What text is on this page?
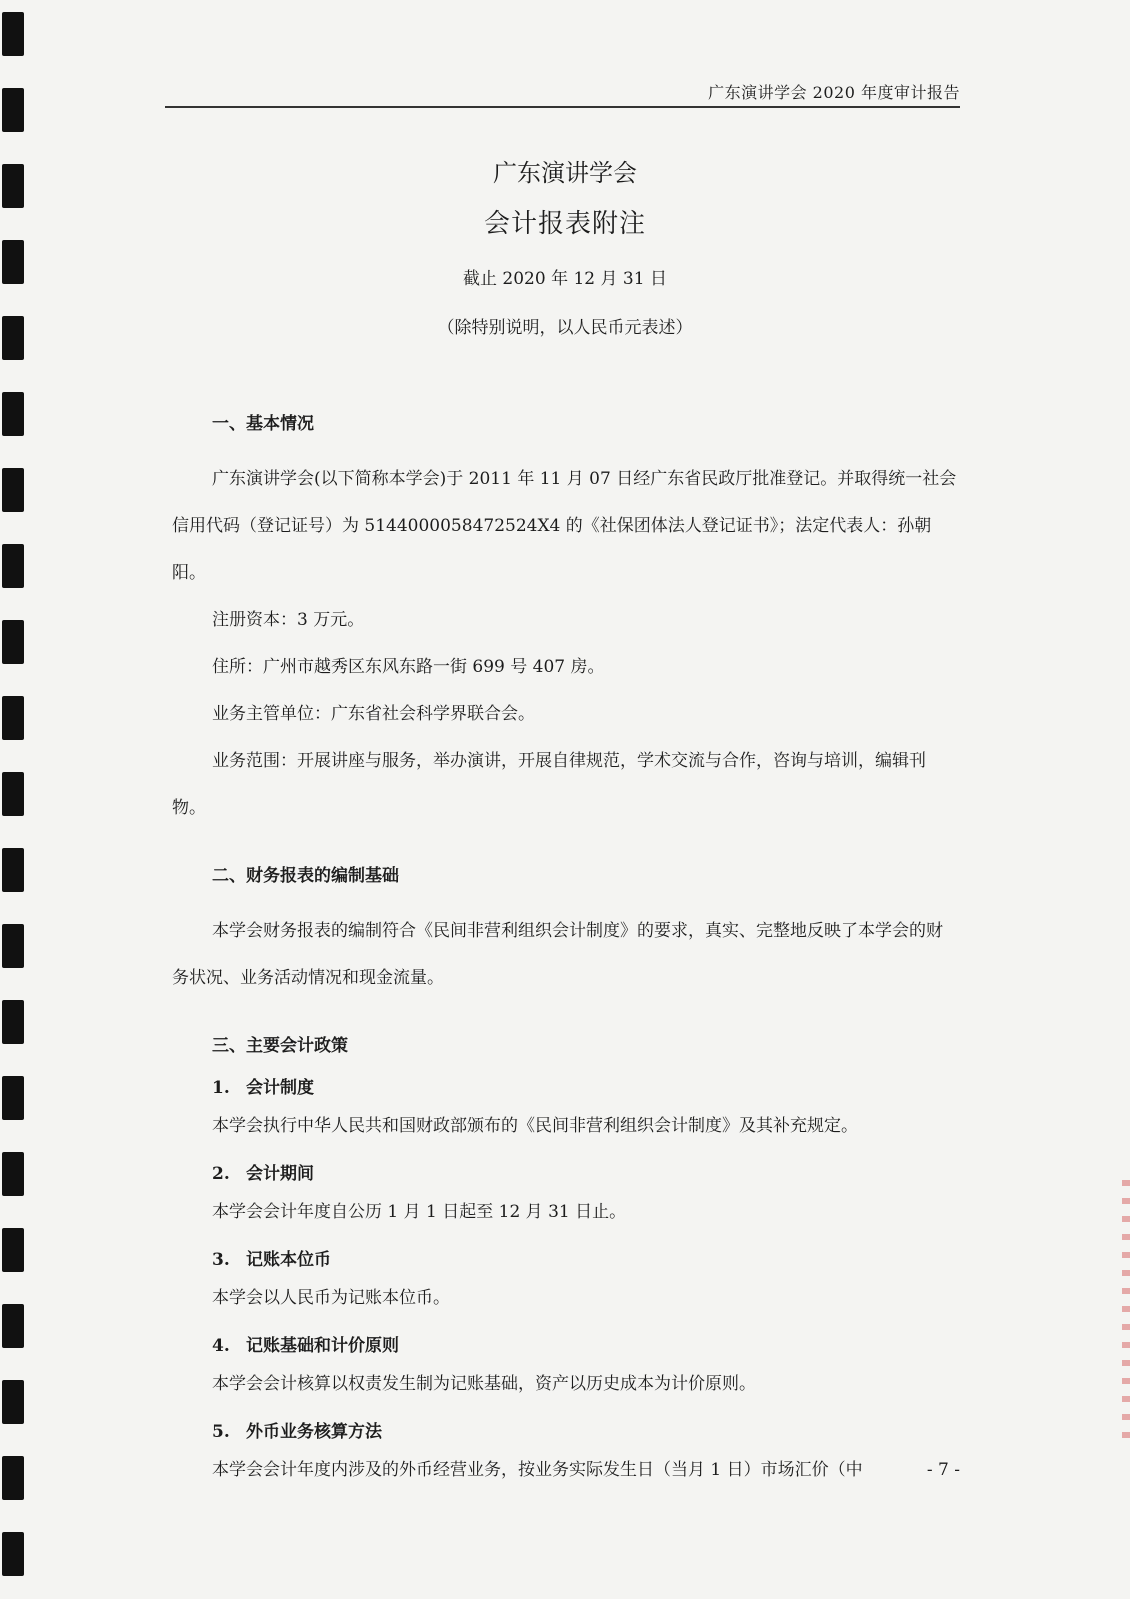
广东演讲学会 2020 年度审计报告
广东演讲学会
会计报表附注
截止 2020 年 12 月 31 日
（除特别说明，以人民币元表述）
一、基本情况

广东演讲学会(以下简称本学会)于 2011 年 11 月 07 日经广东省民政厅批准登记。并取得统一社会信用代码（登记证号）为 5144000058472524X4 的《社保团体法人登记证书》；法定代表人：孙朝阳。

注册资本：3 万元。

住所：广州市越秀区东风东路一街 699 号 407 房。

业务主管单位：广东省社会科学界联合会。

业务范围：开展讲座与服务，举办演讲，开展自律规范，学术交流与合作，咨询与培训，编辑刊物。

二、财务报表的编制基础

本学会财务报表的编制符合《民间非营利组织会计制度》的要求，真实、完整地反映了本学会的财务状况、业务活动情况和现金流量。

三、主要会计政策
1. 会计制度

本学会执行中华人民共和国财政部颁布的《民间非营利组织会计制度》及其补充规定。

2. 会计期间

本学会会计年度自公历 1 月 1 日起至 12 月 31 日止。

3. 记账本位币

本学会以人民币为记账本位币。

4. 记账基础和计价原则

本学会会计核算以权责发生制为记账基础，资产以历史成本为计价原则。

5. 外币业务核算方法

本学会会计年度内涉及的外币经营业务，按业务实际发生日（当月 1 日）市场汇价（中	- 7 -
